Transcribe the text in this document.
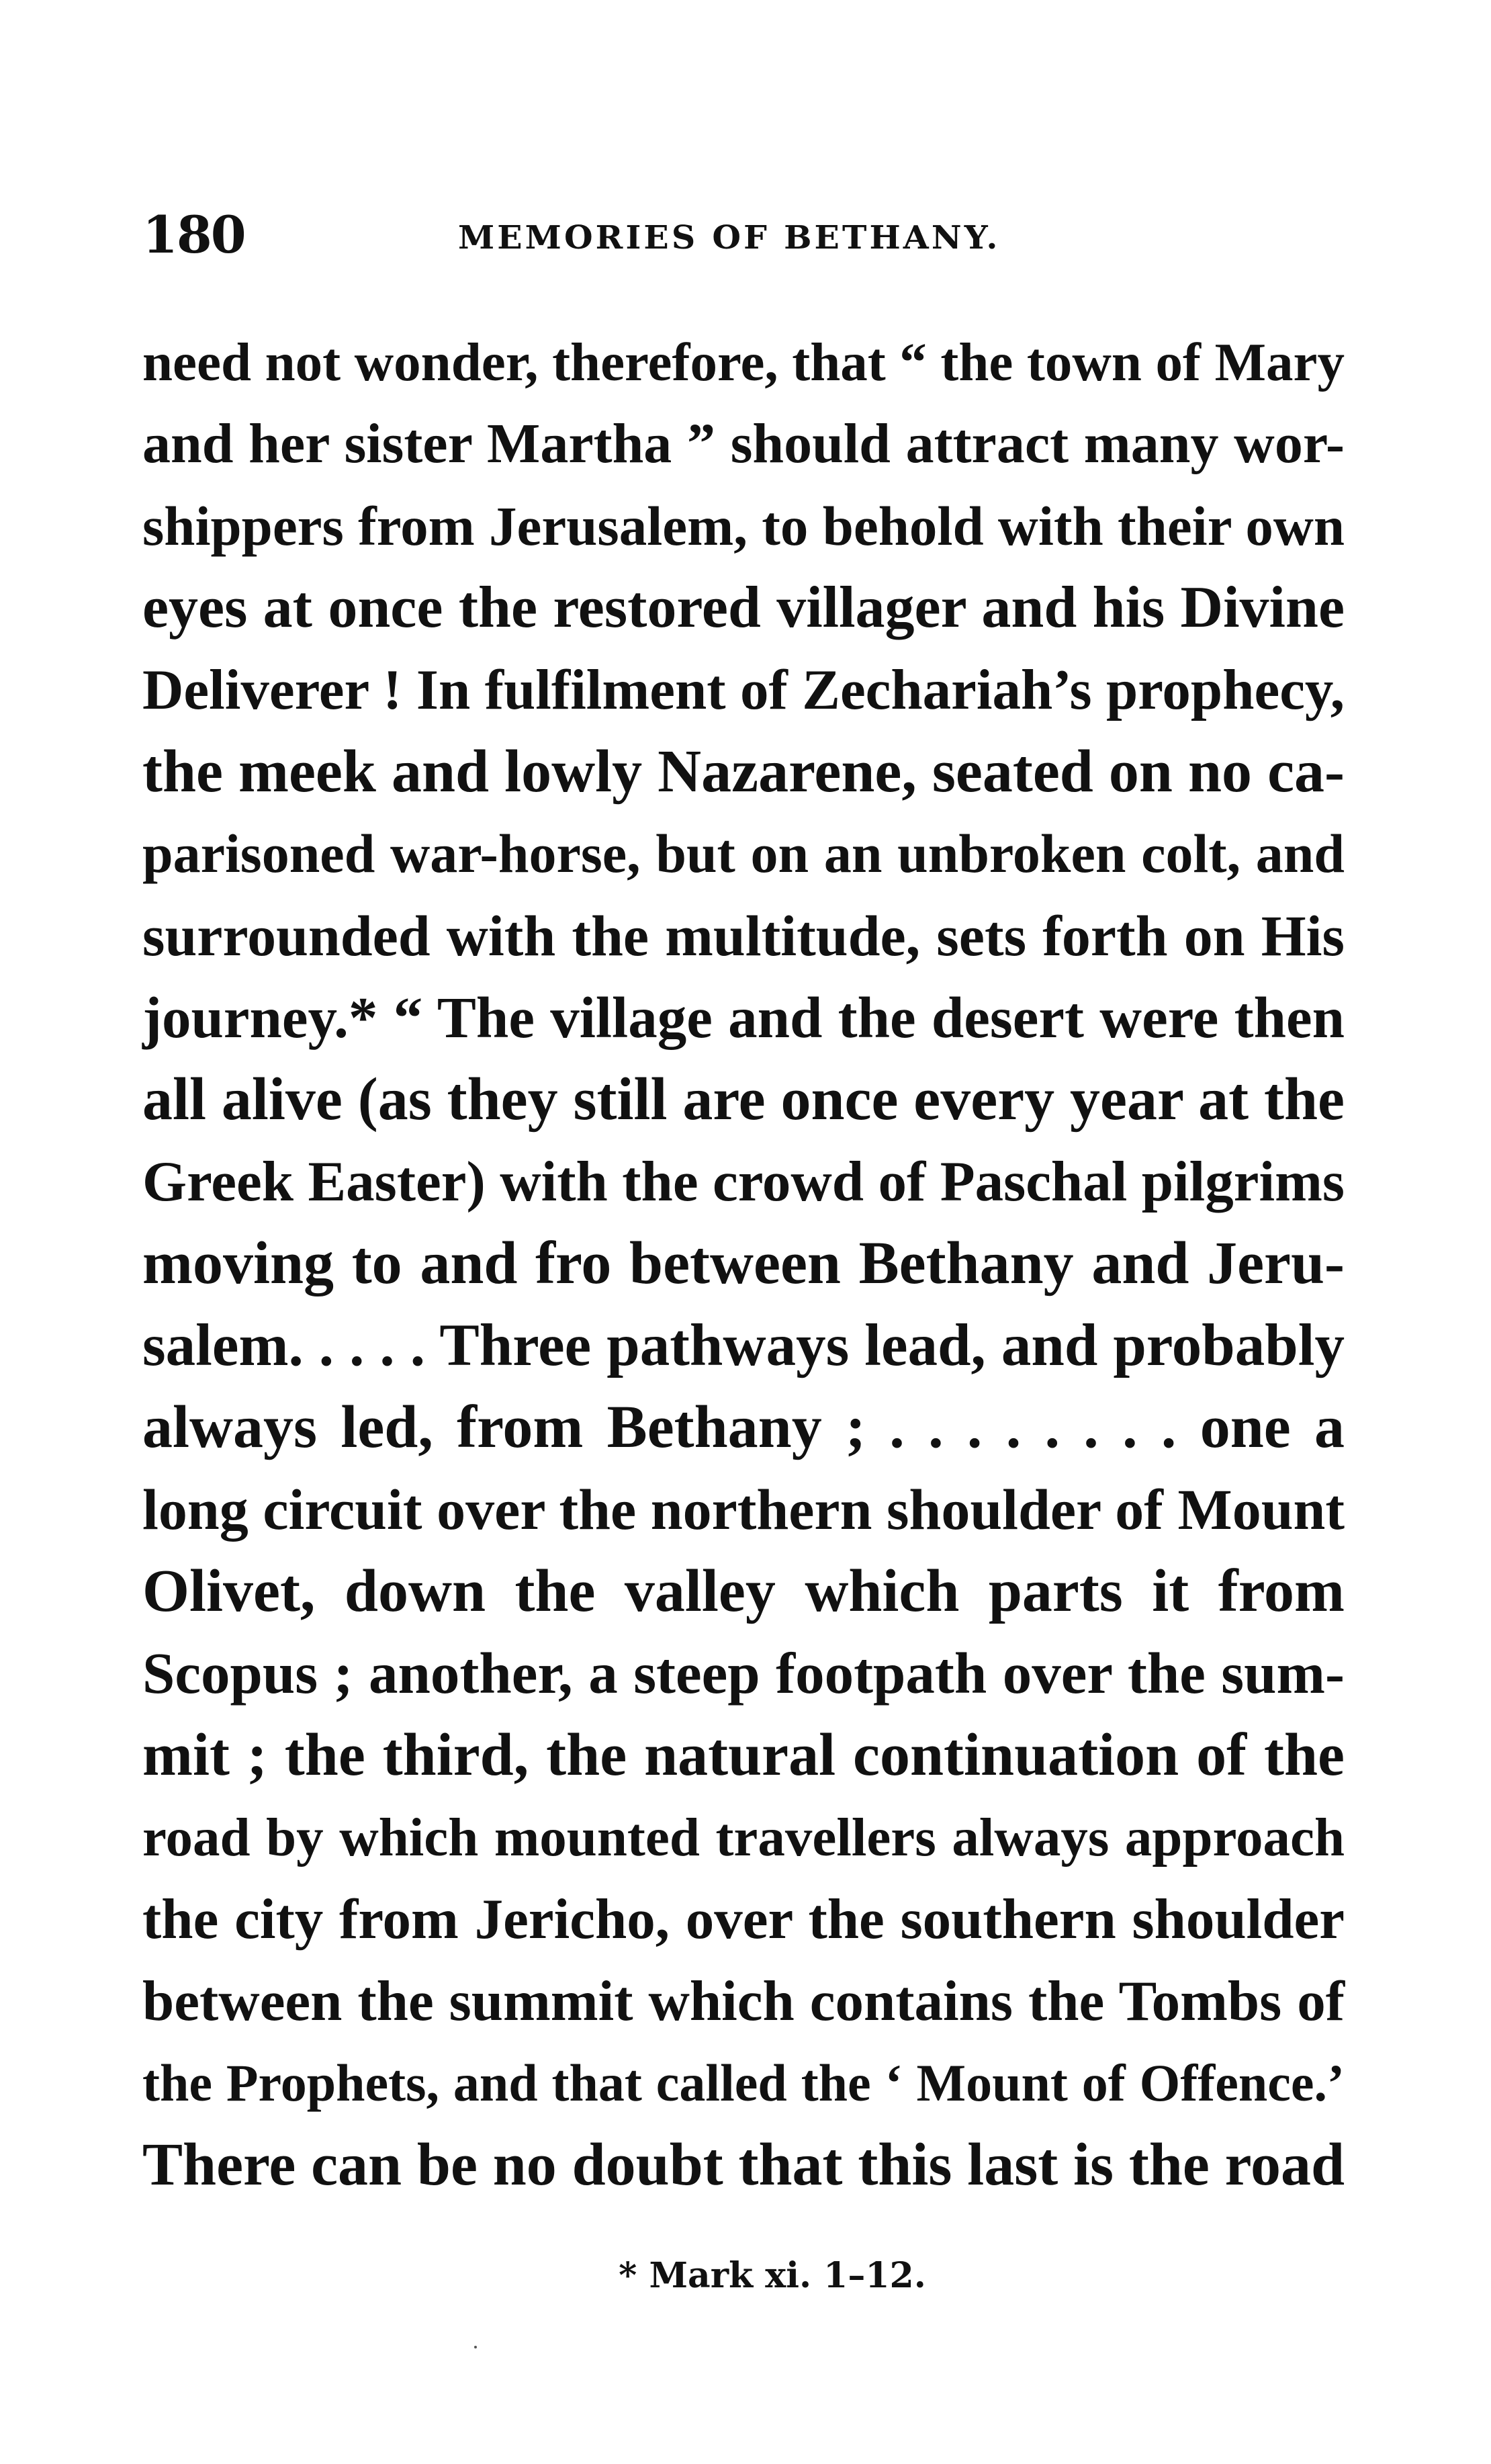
180	MEMORIES OF BETHANY.
need not wonder, therefore, that “ the town of Mary
and her sister Martha ” should attract many wor-
shippers from Jerusalem, to behold with their own
eyes at once the restored villager and his Divine
Deliverer ! In fulfilment of Zechariah’s prophecy,
the meek and lowly Nazarene, seated on no ca-
parisoned war-horse, but on an unbroken colt, and
surrounded with the multitude, sets forth on His
journey.* “ The village and the desert were then
all alive (as they still are once every year at the
Greek Easter) with the crowd of Paschal pilgrims
moving to and fro between Bethany and Jeru-
salem. . . . . Three pathways lead, and probably
always led, from Bethany ; . . . . . . . . one a
long circuit over the northern shoulder of Mount
Olivet, down the valley which parts it from
Scopus ; another, a steep footpath over the sum-
mit ; the third, the natural continuation of the
road by which mounted travellers always approach
the city from Jericho, over the southern shoulder
between the summit which contains the Tombs of
the Prophets, and that called the ‘ Mount of Offence.’
There can be no doubt that this last is the road
* Mark xi. 1–12.
